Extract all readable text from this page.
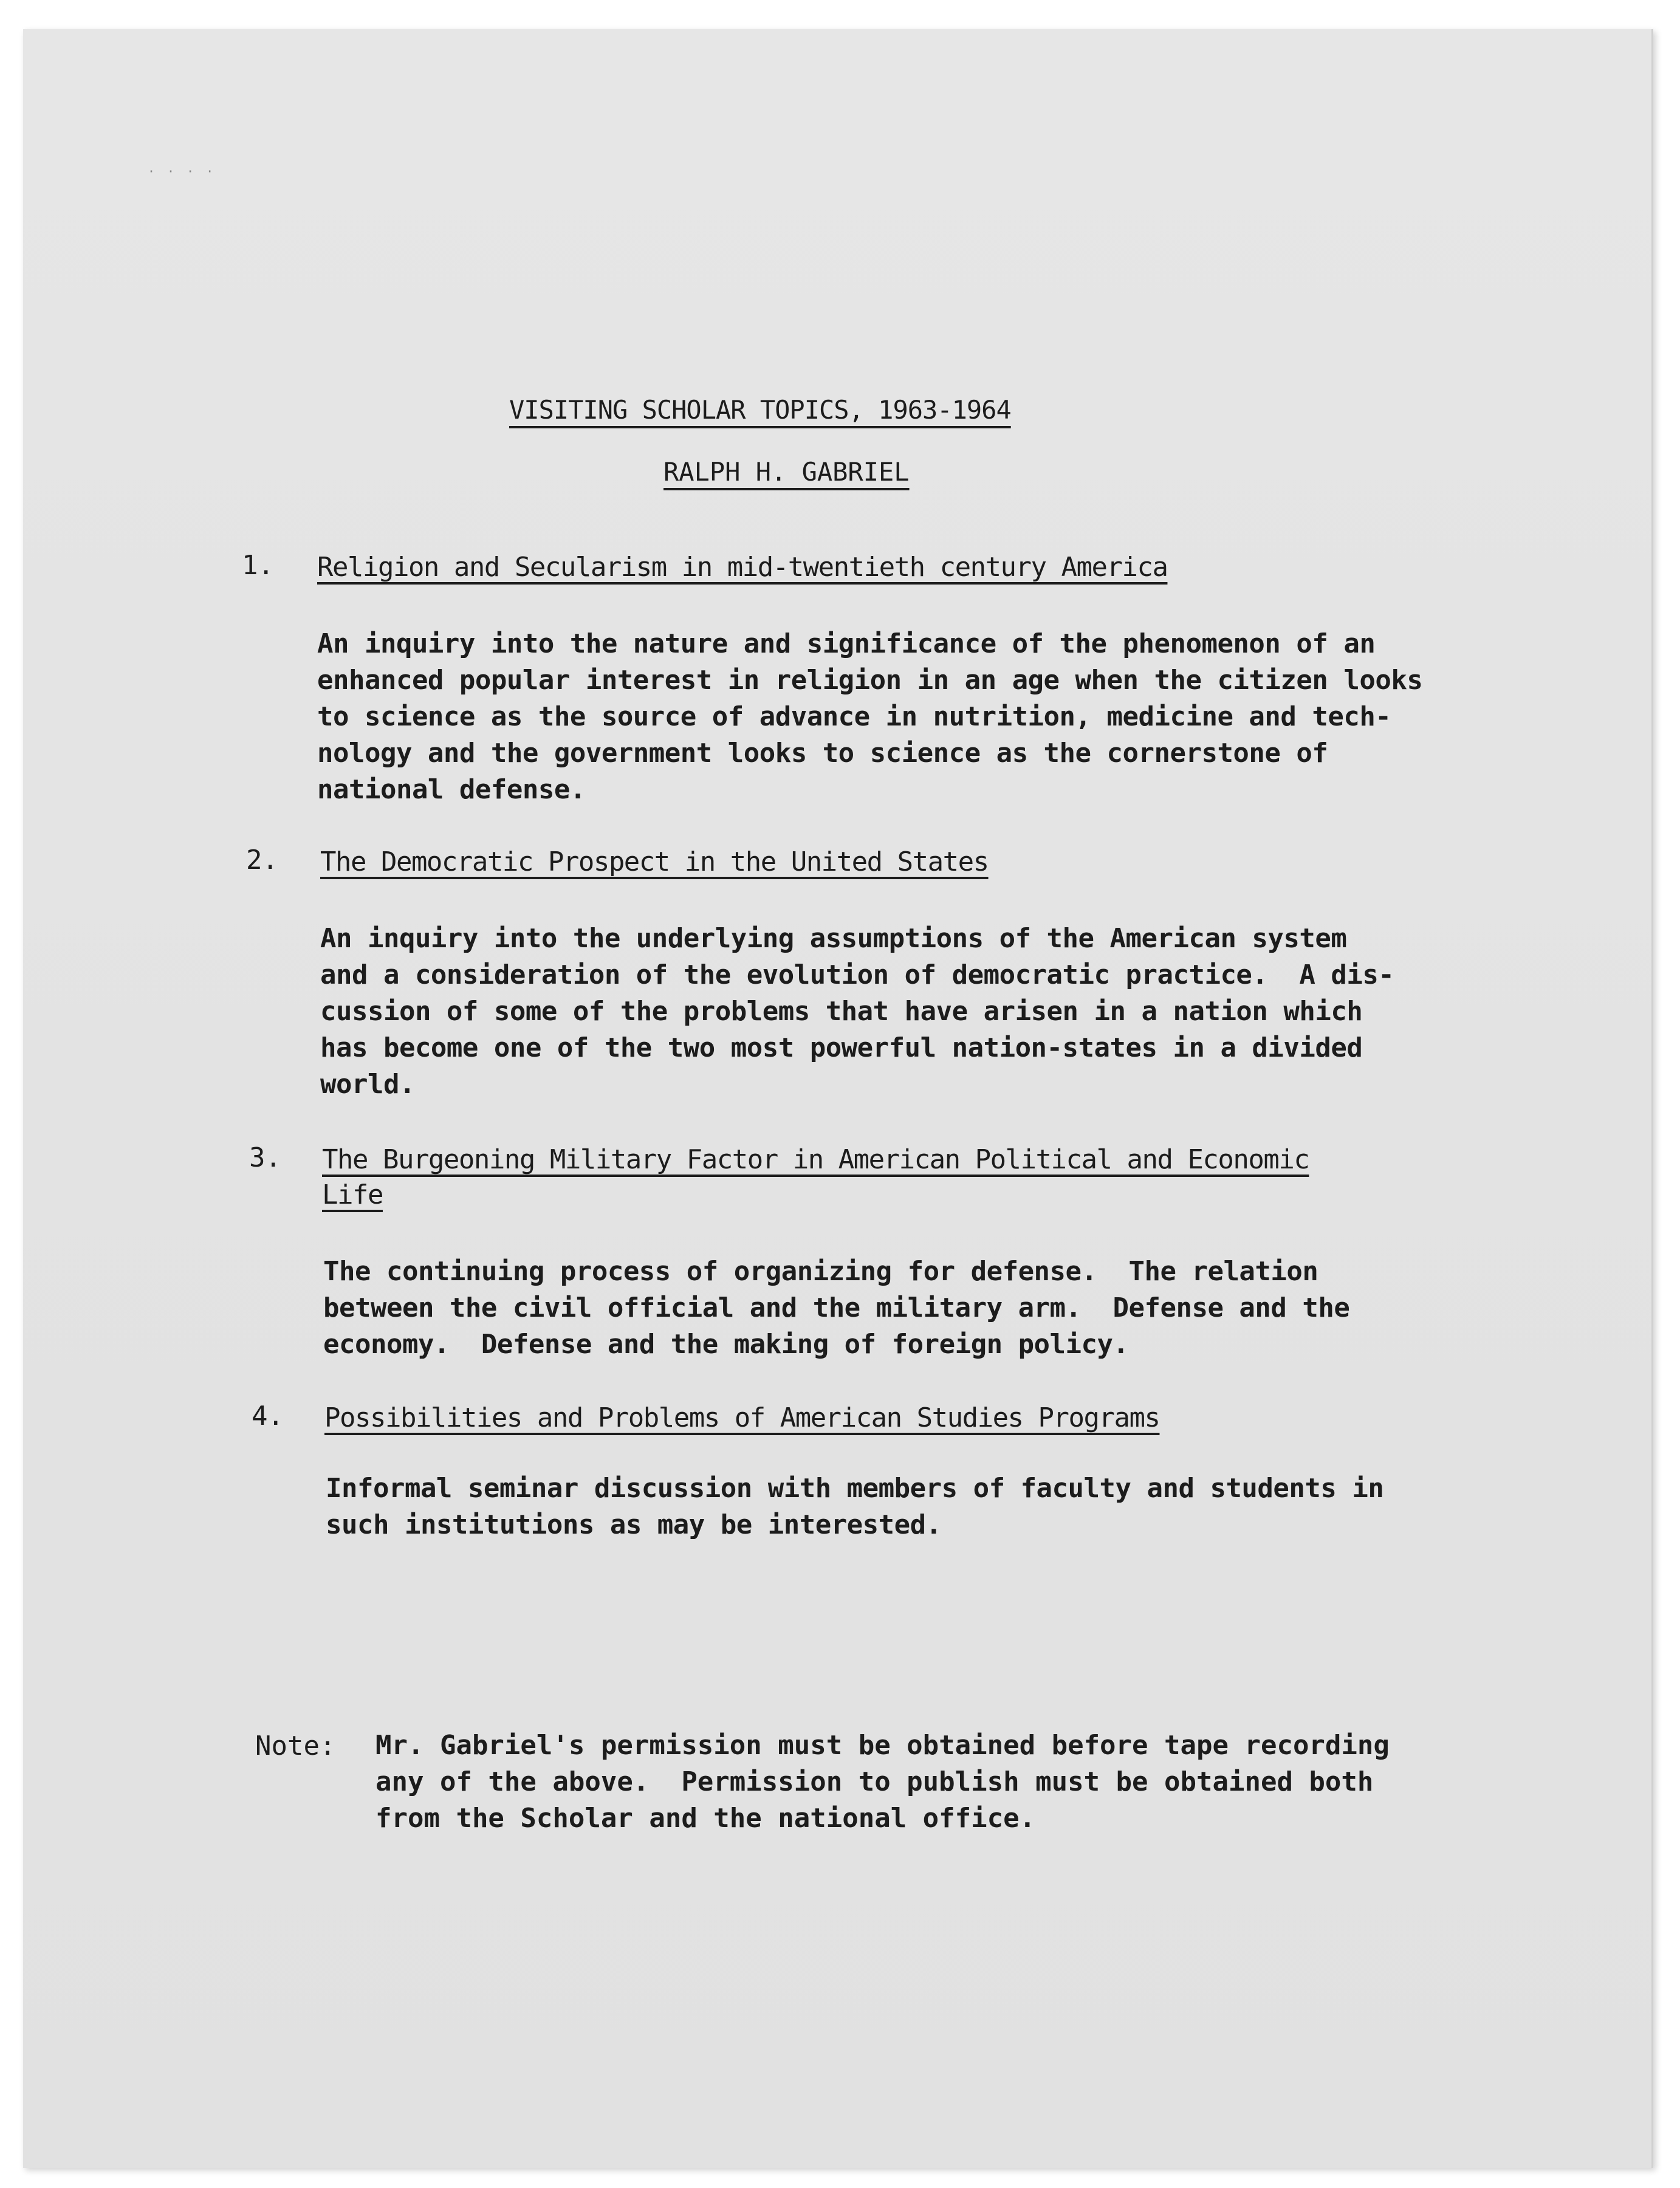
····
VISITING SCHOLAR TOPICS, 1963-1964
RALPH H. GABRIEL
1.	Religion and Secularism in mid-twentieth century America
An inquiry into the nature and significance of the phenomenon of an
enhanced popular interest in religion in an age when the citizen looks
to science as the source of advance in nutrition, medicine and tech-
nology and the government looks to science as the cornerstone of
national defense.
2.	The Democratic Prospect in the United States
An inquiry into the underlying assumptions of the American system
and a consideration of the evolution of democratic practice.  A dis-
cussion of some of the problems that have arisen in a nation which
has become one of the two most powerful nation-states in a divided
world.
3.	The Burgeoning Military Factor in American Political and Economic
Life
The continuing process of organizing for defense.  The relation
between the civil official and the military arm.  Defense and the
economy.  Defense and the making of foreign policy.
4.	Possibilities and Problems of American Studies Programs
Informal seminar discussion with members of faculty and students in
such institutions as may be interested.
Note: Mr. Gabriel's permission must be obtained before tape recording
any of the above.  Permission to publish must be obtained both
from the Scholar and the national office.
